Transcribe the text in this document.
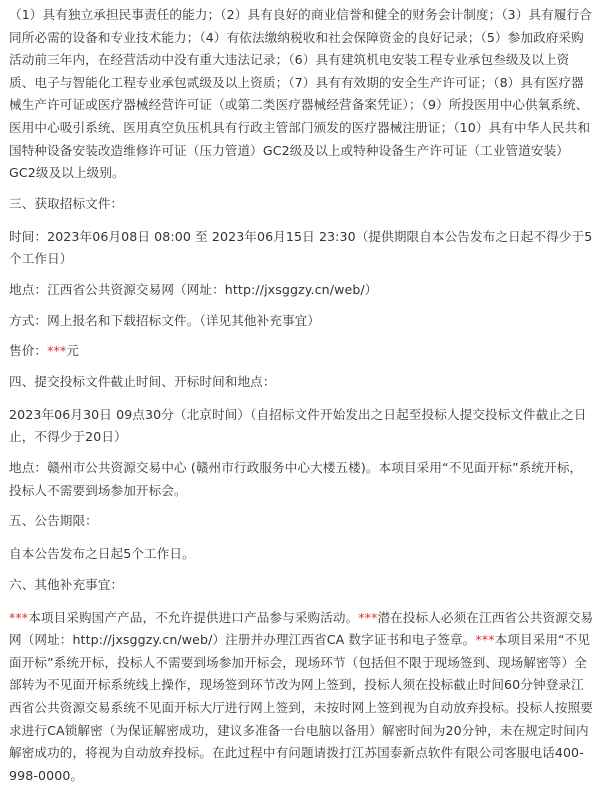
（1）具有独立承担民事责任的能力；（2）具有良好的商业信誉和健全的财务会计制度；（3）具有履行合同所必需的设备和专业技术能力；（4）有依法缴纳税收和社会保障资金的良好记录；（5）参加政府采购活动前三年内，在经营活动中没有重大违法记录；（6）具有建筑机电安装工程专业承包叁级及以上资质、电子与智能化工程专业承包贰级及以上资质；（7）具有有效期的安全生产许可证；（8）具有医疗器械生产许可证或医疗器械经营许可证（或第二类医疗器械经营备案凭证）；（9）所投医用中心供氧系统、医用中心吸引系统、医用真空负压机具有行政主管部门颁发的医疗器械注册证；（10）具有中华人民共和国特种设备安装改造维修许可证（压力管道）GC2级及以上或特种设备生产许可证（工业管道安装）GC2级及以上级别。

三、获取招标文件：

时间：2023年06月08日 08:00 至 2023年06月15日 23:30（提供期限自本公告发布之日起不得少于5个工作日）

地点：江西省公共资源交易网（网址：http://jxsggzy.cn/web/）

方式：网上报名和下载招标文件。（详见其他补充事宜）

售价：***元

四、提交投标文件截止时间、开标时间和地点：

2023年06月30日 09点30分（北京时间）（自招标文件开始发出之日起至投标人提交投标文件截止之日止，不得少于20日）

地点：赣州市公共资源交易中心 (赣州市行政服务中心大楼五楼)。本项目采用“不见面开标”系统开标，投标人不需要到场参加开标会。

五、公告期限：

自本公告发布之日起5个工作日。

六、其他补充事宜：

***本项目采购国产产品，不允许提供进口产品参与采购活动。***潜在投标人必须在江西省公共资源交易网（网址：http://jxsggzy.cn/web/）注册并办理江西省CA 数字证书和电子签章。***本项目采用“不见面开标”系统开标，投标人不需要到场参加开标会，现场环节（包括但不限于现场签到、现场解密等）全部转为不见面开标系统线上操作，现场签到环节改为网上签到，投标人须在投标截止时间60分钟登录江西省公共资源交易系统不见面开标大厅进行网上签到，未按时网上签到视为自动放弃投标。投标人按照要求进行CA锁解密（为保证解密成功，建议多准备一台电脑以备用）解密时间为20分钟，未在规定时间内解密成功的，将视为自动放弃投标。在此过程中有问题请拨打江苏国泰新点软件有限公司客服电话400-998-0000。
